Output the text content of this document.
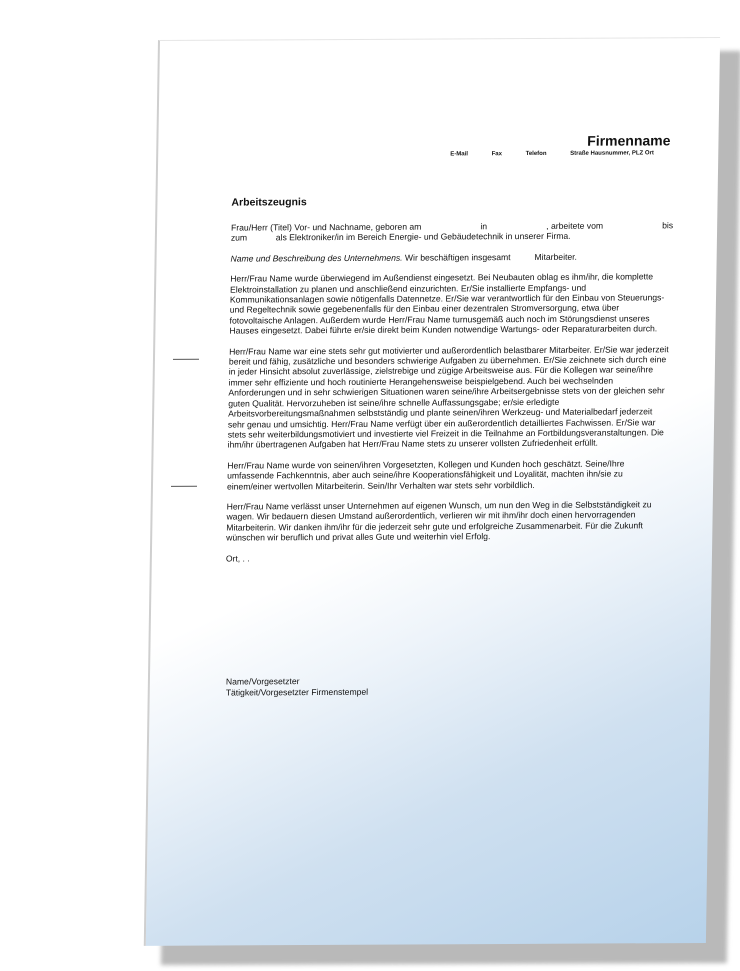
Firmenname
E-Mail	Fax	Telefon	Straße Hausnummer, PLZ Ort
Arbeitszeugnis

Frau/Herr (Titel) Vor- und Nachname, geboren am	in	, arbeitete vom	bis
zum	als Elektroniker/in im Bereich Energie- und Gebäudetechnik in unserer Firma.

Name und Beschreibung des Unternehmens. Wir beschäftigen insgesamt	Mitarbeiter.

Herr/Frau Name wurde überwiegend im Außendienst eingesetzt. Bei Neubauten oblag es ihm/ihr, die komplette Elektroinstallation zu planen und anschließend einzurichten. Er/Sie installierte Empfangs- und Kommunikationsanlagen sowie nötigenfalls Datennetze. Er/Sie war verantwortlich für den Einbau von Steuerungs- und Regeltechnik sowie gegebenenfalls für den Einbau einer dezentralen Stromversorgung, etwa über fotovoltaische Anlagen. Außerdem wurde Herr/Frau Name turnusgemäß auch noch im Störungsdienst unseres Hauses eingesetzt. Dabei führte er/sie direkt beim Kunden notwendige Wartungs- oder Reparaturarbeiten durch.

Herr/Frau Name war eine stets sehr gut motivierter und außerordentlich belastbarer Mitarbeiter. Er/Sie war jederzeit bereit und fähig, zusätzliche und besonders schwierige Aufgaben zu übernehmen. Er/Sie zeichnete sich durch eine in jeder Hinsicht absolut zuverlässige, zielstrebige und zügige Arbeitsweise aus. Für die Kollegen war seine/ihre immer sehr effiziente und hoch routinierte Herangehensweise beispielgebend. Auch bei wechselnden Anforderungen und in sehr schwierigen Situationen waren seine/ihre Arbeitsergebnisse stets von der gleichen sehr guten Qualität. Hervorzuheben ist seine/ihre schnelle Auffassungsgabe; er/sie erledigte Arbeitsvorbereitungsmaßnahmen selbstständig und plante seinen/ihren Werkzeug- und Materialbedarf jederzeit sehr genau und umsichtig. Herr/Frau Name verfügt über ein außerordentlich detailliertes Fachwissen. Er/Sie war stets sehr weiterbildungsmotiviert und investierte viel Freizeit in die Teilnahme an Fortbildungsveranstaltungen. Die ihm/ihr übertragenen Aufgaben hat Herr/Frau Name stets zu unserer vollsten Zufriedenheit erfüllt.

Herr/Frau Name wurde von seinen/ihren Vorgesetzten, Kollegen und Kunden hoch geschätzt. Seine/Ihre umfassende Fachkenntnis, aber auch seine/ihre Kooperationsfähigkeit und Loyalität, machten ihn/sie zu einem/einer wertvollen Mitarbeiterin. Sein/Ihr Verhalten war stets sehr vorbildlich.

Herr/Frau Name verlässt unser Unternehmen auf eigenen Wunsch, um nun den Weg in die Selbstständigkeit zu wagen. Wir bedauern diesen Umstand außerordentlich, verlieren wir mit ihm/ihr doch einen hervorragenden Mitarbeiterin. Wir danken ihm/ihr für die jederzeit sehr gute und erfolgreiche Zusammenarbeit. Für die Zukunft wünschen wir beruflich und privat alles Gute und weiterhin viel Erfolg.

Ort, . .

Name/Vorgesetzter
Tätigkeit/Vorgesetzter Firmenstempel
